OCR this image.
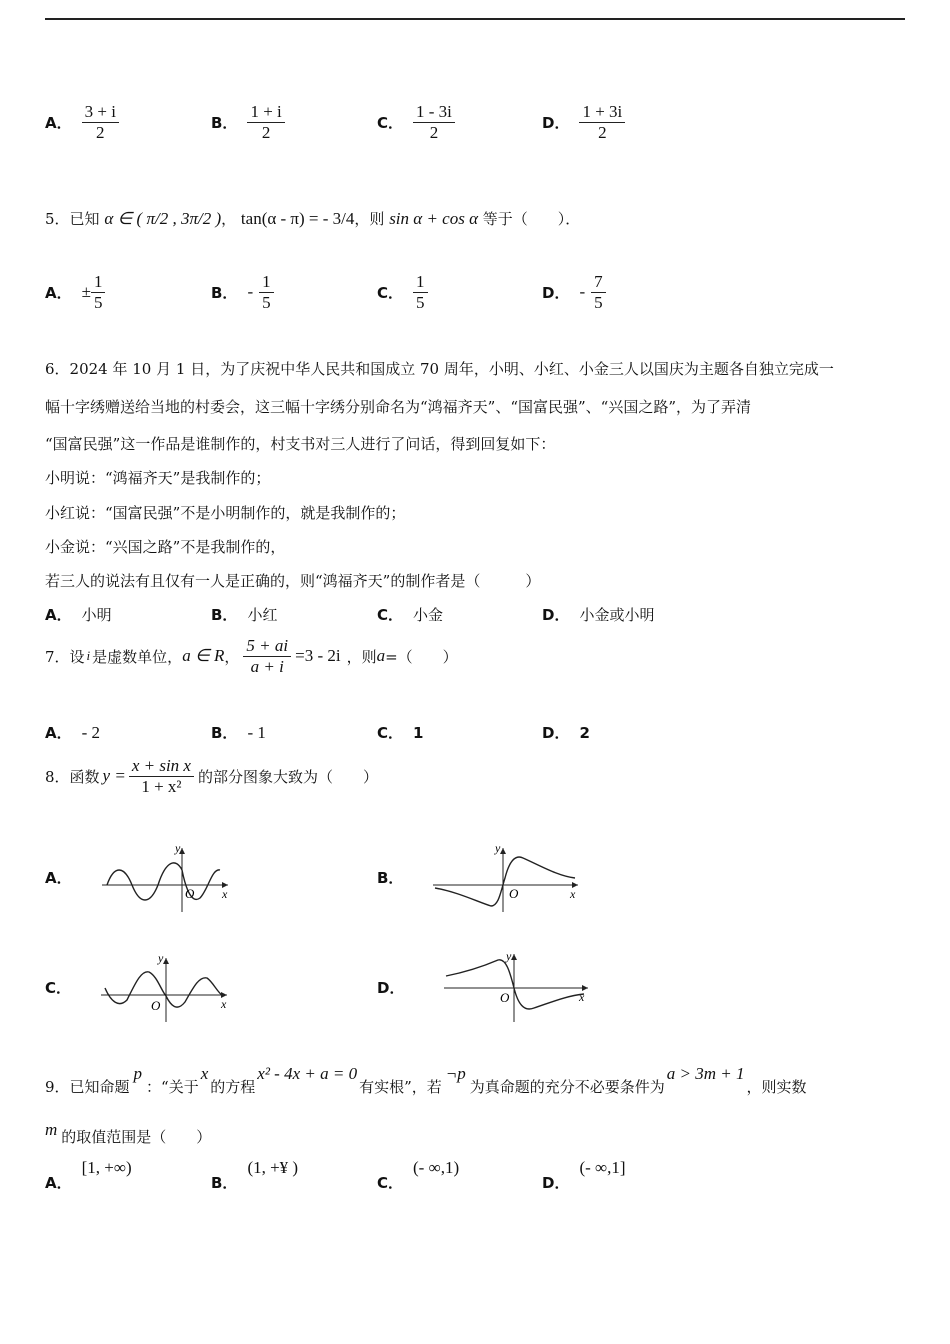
A． $\frac{3 + i}{2}$	B． $\frac{1 + i}{2}$	C． $\frac{1 - 3i}{2}$	D． $\frac{1 + 3i}{2}$
5．已知 α ∈ ( π/2 , 3π/2 )， tan(α - π) = - 3/4，则 sin α + cos α 等于（　　）．
A． ± $\frac{1}{5}$	B． - $\frac{1}{5}$	C． $\frac{1}{5}$	D． - $\frac{7}{5}$
6．2024 年 10 月 1 日，为了庆祝中华人民共和国成立 70 周年，小明、小红、小金三人以国庆为主题各自独立完成一
幅十字绣赠送给当地的村委会，这三幅十字绣分别命名为“鸿福齐天”、“国富民强”、“兴国之路”，为了弄清
“国富民强”这一作品是谁制作的，村支书对三人进行了问话，得到回复如下：
小明说：“鸿福齐天”是我制作的；
小红说：“国富民强”不是小明制作的，就是我制作的；
小金说：“兴国之路”不是我制作的，
若三人的说法有且仅有一人是正确的，则“鸿福齐天”的制作者是（　　　）
A． 小明	B． 小红	C． 小金	D． 小金或小明
7．设 i 是虚数单位， a ∈ R ， $\frac{5 + ai}{a + i} =3 - 2i$ ，则 a =（　　）
A． - 2	B． - 1	C． 1	D． 2
8．函数 $y = \frac{\text{x + sin x}}{\text{1 + x²}}$ 的部分图象大致为（　　）
A．
y
O x
B．
y
O	x
C．
y
O	x
D．
y
O	x
9．已知命题
p
：“关于
x
的方程
x² - 4x + a = 0
有实根”，若
¬p
为真命题的充分不必要条件为
a > 3m + 1
，则实数
m 的取值范围是（　　）
A．
[1, +∞)
B．
(1, +¥ )
C．
(- ∞,1)
D．
(- ∞,1]
